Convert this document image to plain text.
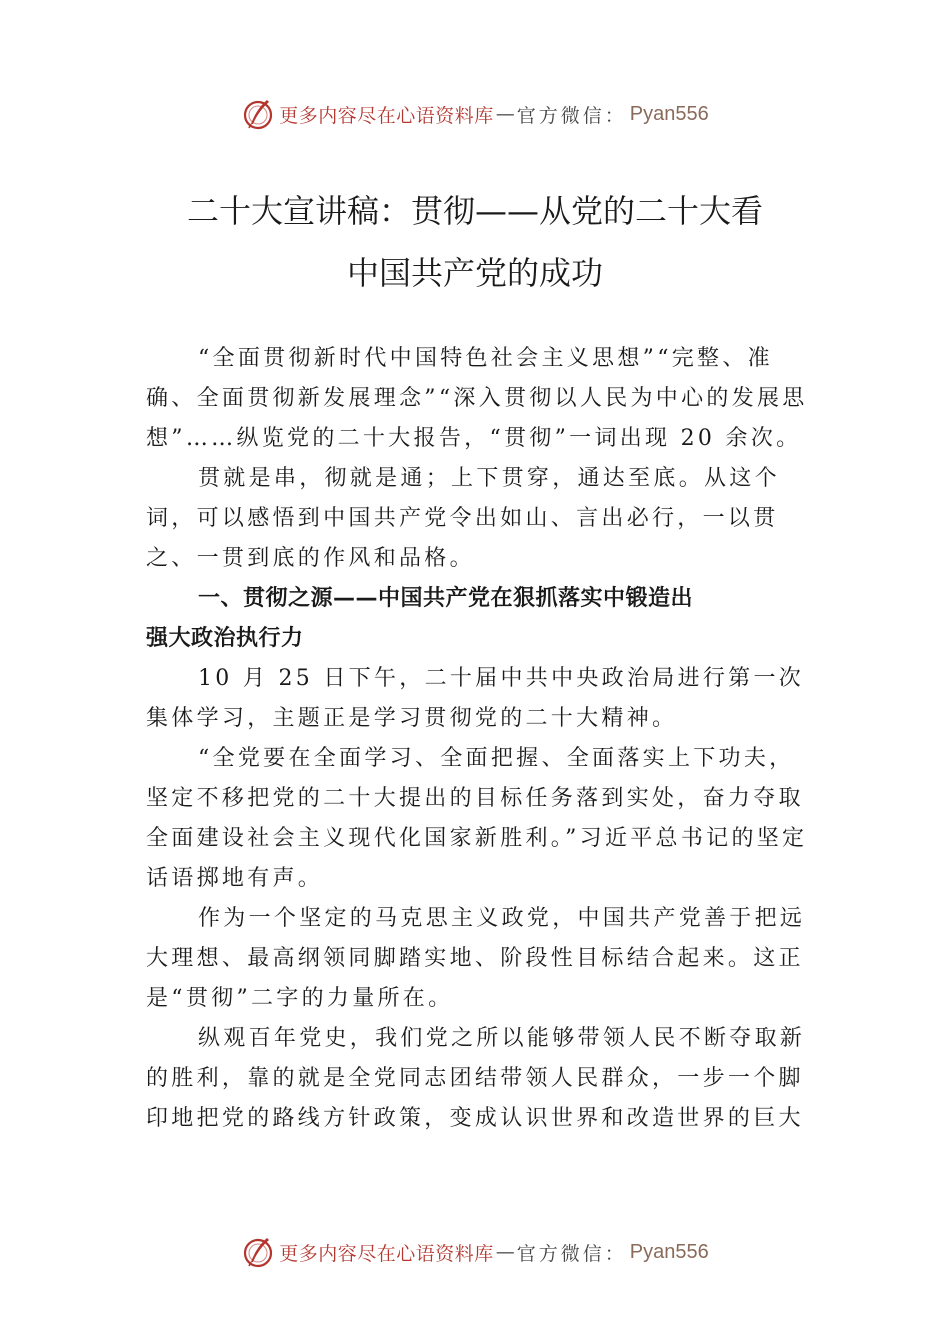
更多内容尽在心语资料库 — 官方微信 ： Pyan556
二十大宣讲稿：贯彻——从党的二十大看
中国共产党的成功

“全面贯彻新时代中国特色社会主义思想”“完整、准确、全面贯彻新发展理念”“深入贯彻以人民为中心的发展思想”……纵览党的二十大报告，“贯彻”一词出现 20 余次。

贯就是串，彻就是通；上下贯穿，通达至底。从这个词，可以感悟到中国共产党令出如山、言出必行，一以贯之、一贯到底的作风和品格。

一、贯彻之源——中国共产党在狠抓落实中锻造出
强大政治执行力

10 月 25 日下午，二十届中共中央政治局进行第一次集体学习，主题正是学习贯彻党的二十大精神。

“全党要在全面学习、全面把握、全面落实上下功夫，坚定不移把党的二十大提出的目标任务落到实处，奋力夺取全面建设社会主义现代化国家新胜利。”习近平总书记的坚定话语掷地有声。

作为一个坚定的马克思主义政党，中国共产党善于把远大理想、最高纲领同脚踏实地、阶段性目标结合起来。这正是“贯彻”二字的力量所在。

纵观百年党史，我们党之所以能够带领人民不断夺取新的胜利，靠的就是全党同志团结带领人民群众，一步一个脚印地把党的路线方针政策，变成认识世界和改造世界的巨大

更多内容尽在心语资料库 — 官方微信 ： Pyan556
